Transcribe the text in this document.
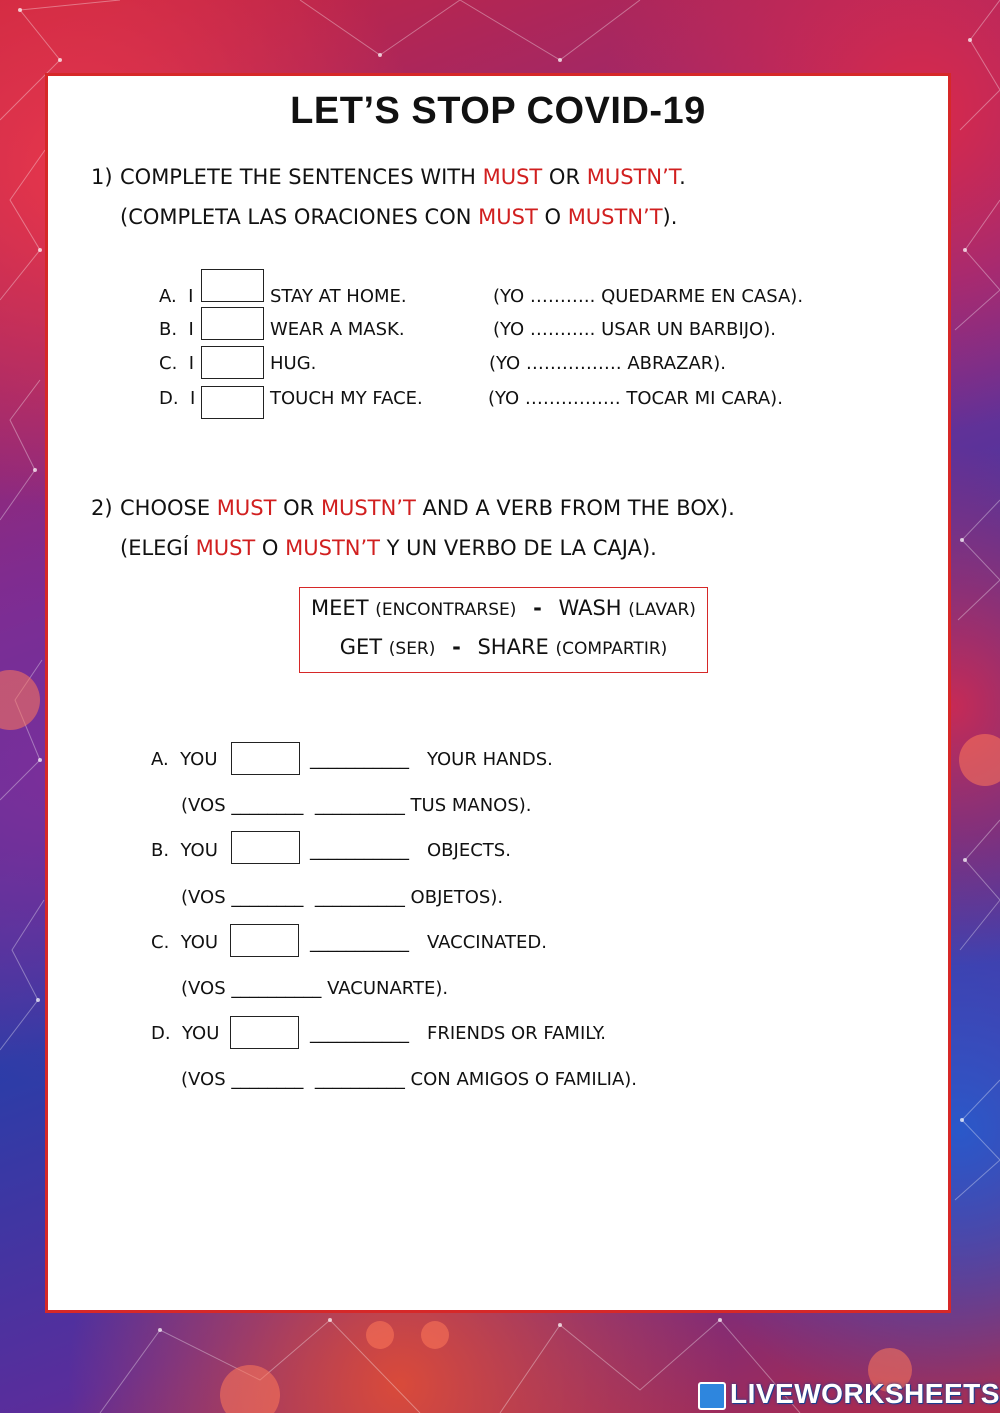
LET’S STOP COVID-19
1) COMPLETE THE SENTENCES WITH MUST OR MUSTN’T.
(COMPLETA LAS ORACIONES CON MUST O MUSTN’T).
A. I	STAY AT HOME.	(YO ……….. QUEDARME EN CASA).
B. I	WEAR A MASK.	(YO ……….. USAR UN BARBIJO).
C. I	HUG.	(YO ……………. ABRAZAR).
D. I	TOUCH MY FACE.	(YO ……………. TOCAR MI CARA).
2) CHOOSE MUST OR MUSTN’T AND A VERB FROM THE BOX).
(ELEGÍ MUST O MUSTN’T Y UN VERBO DE LA CAJA).
MEET (ENCONTRARSE) - WASH (LAVAR)
GET (SER) - SHARE (COMPARTIR)
A. YOU	___________ YOUR HANDS.
(VOS ________ __________ TUS MANOS).
B. YOU	___________ OBJECTS.
(VOS ________ __________ OBJETOS).
C. YOU	___________ VACCINATED.
(VOS __________ VACUNARTE).
D. YOU	___________ FRIENDS OR FAMILY.
(VOS ________ __________ CON AMIGOS O FAMILIA).
LIVEWORKSHEETS
